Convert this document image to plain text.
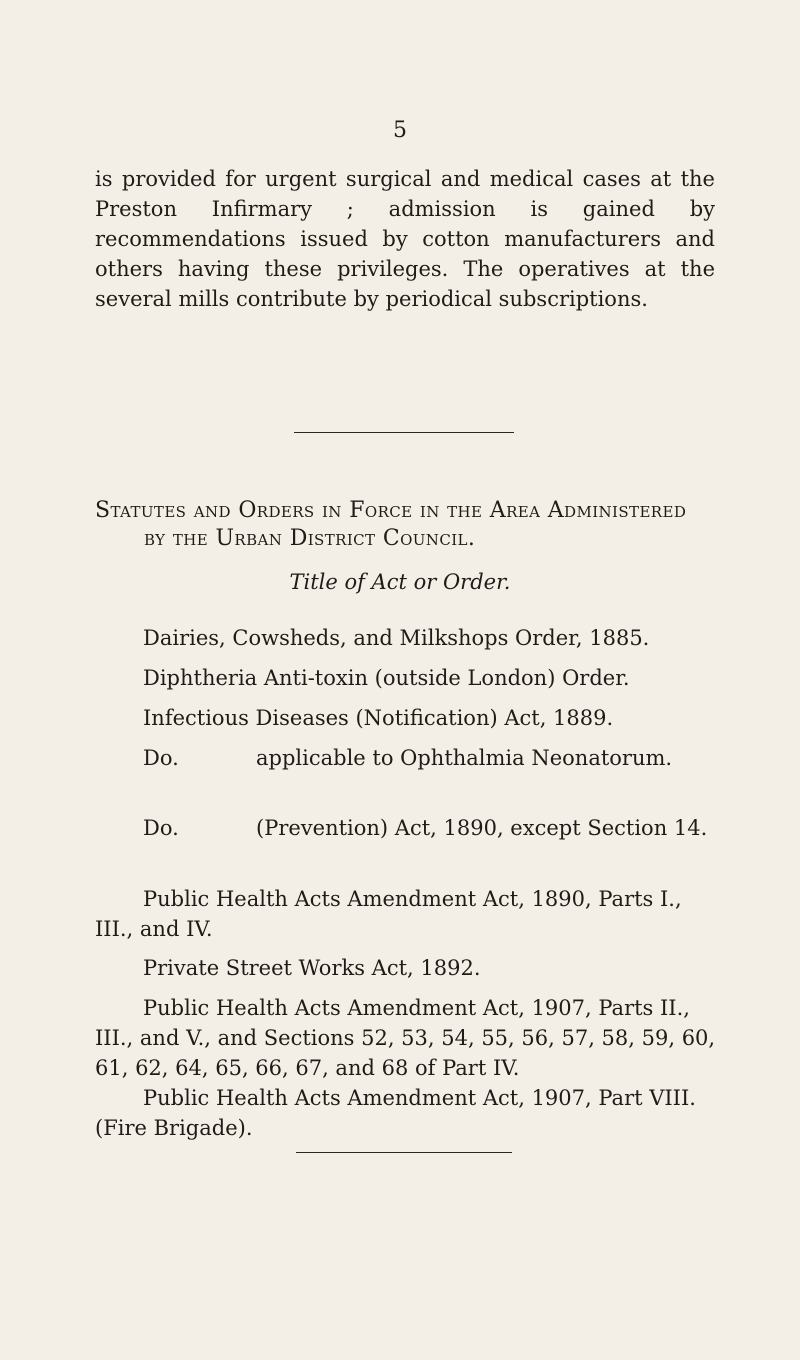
5

is provided for urgent surgical and medical cases at the Preston Infirmary ; admission is gained by recommendations issued by cotton manufacturers and others having these privileges. The operatives at the several mills contribute by periodical subscriptions.

Statutes and Orders in Force in the Area Administered
by the Urban District Council.
Title of Act or Order.

Dairies, Cowsheds, and Milkshops Order, 1885.

Diphtheria Anti-toxin (outside London) Order.

Infectious Diseases (Notification) Act, 1889.

Do.	applicable to Ophthalmia Neonatorum.
Do.	(Prevention) Act, 1890, except Section 14.

Public Health Acts Amendment Act, 1890, Parts I., III., and IV.

Private Street Works Act, 1892.

Public Health Acts Amendment Act, 1907, Parts II., III., and V., and Sections 52, 53, 54, 55, 56, 57, 58, 59, 60, 61, 62, 64, 65, 66, 67, and 68 of Part IV.

Public Health Acts Amendment Act, 1907, Part VIII. (Fire Brigade).
